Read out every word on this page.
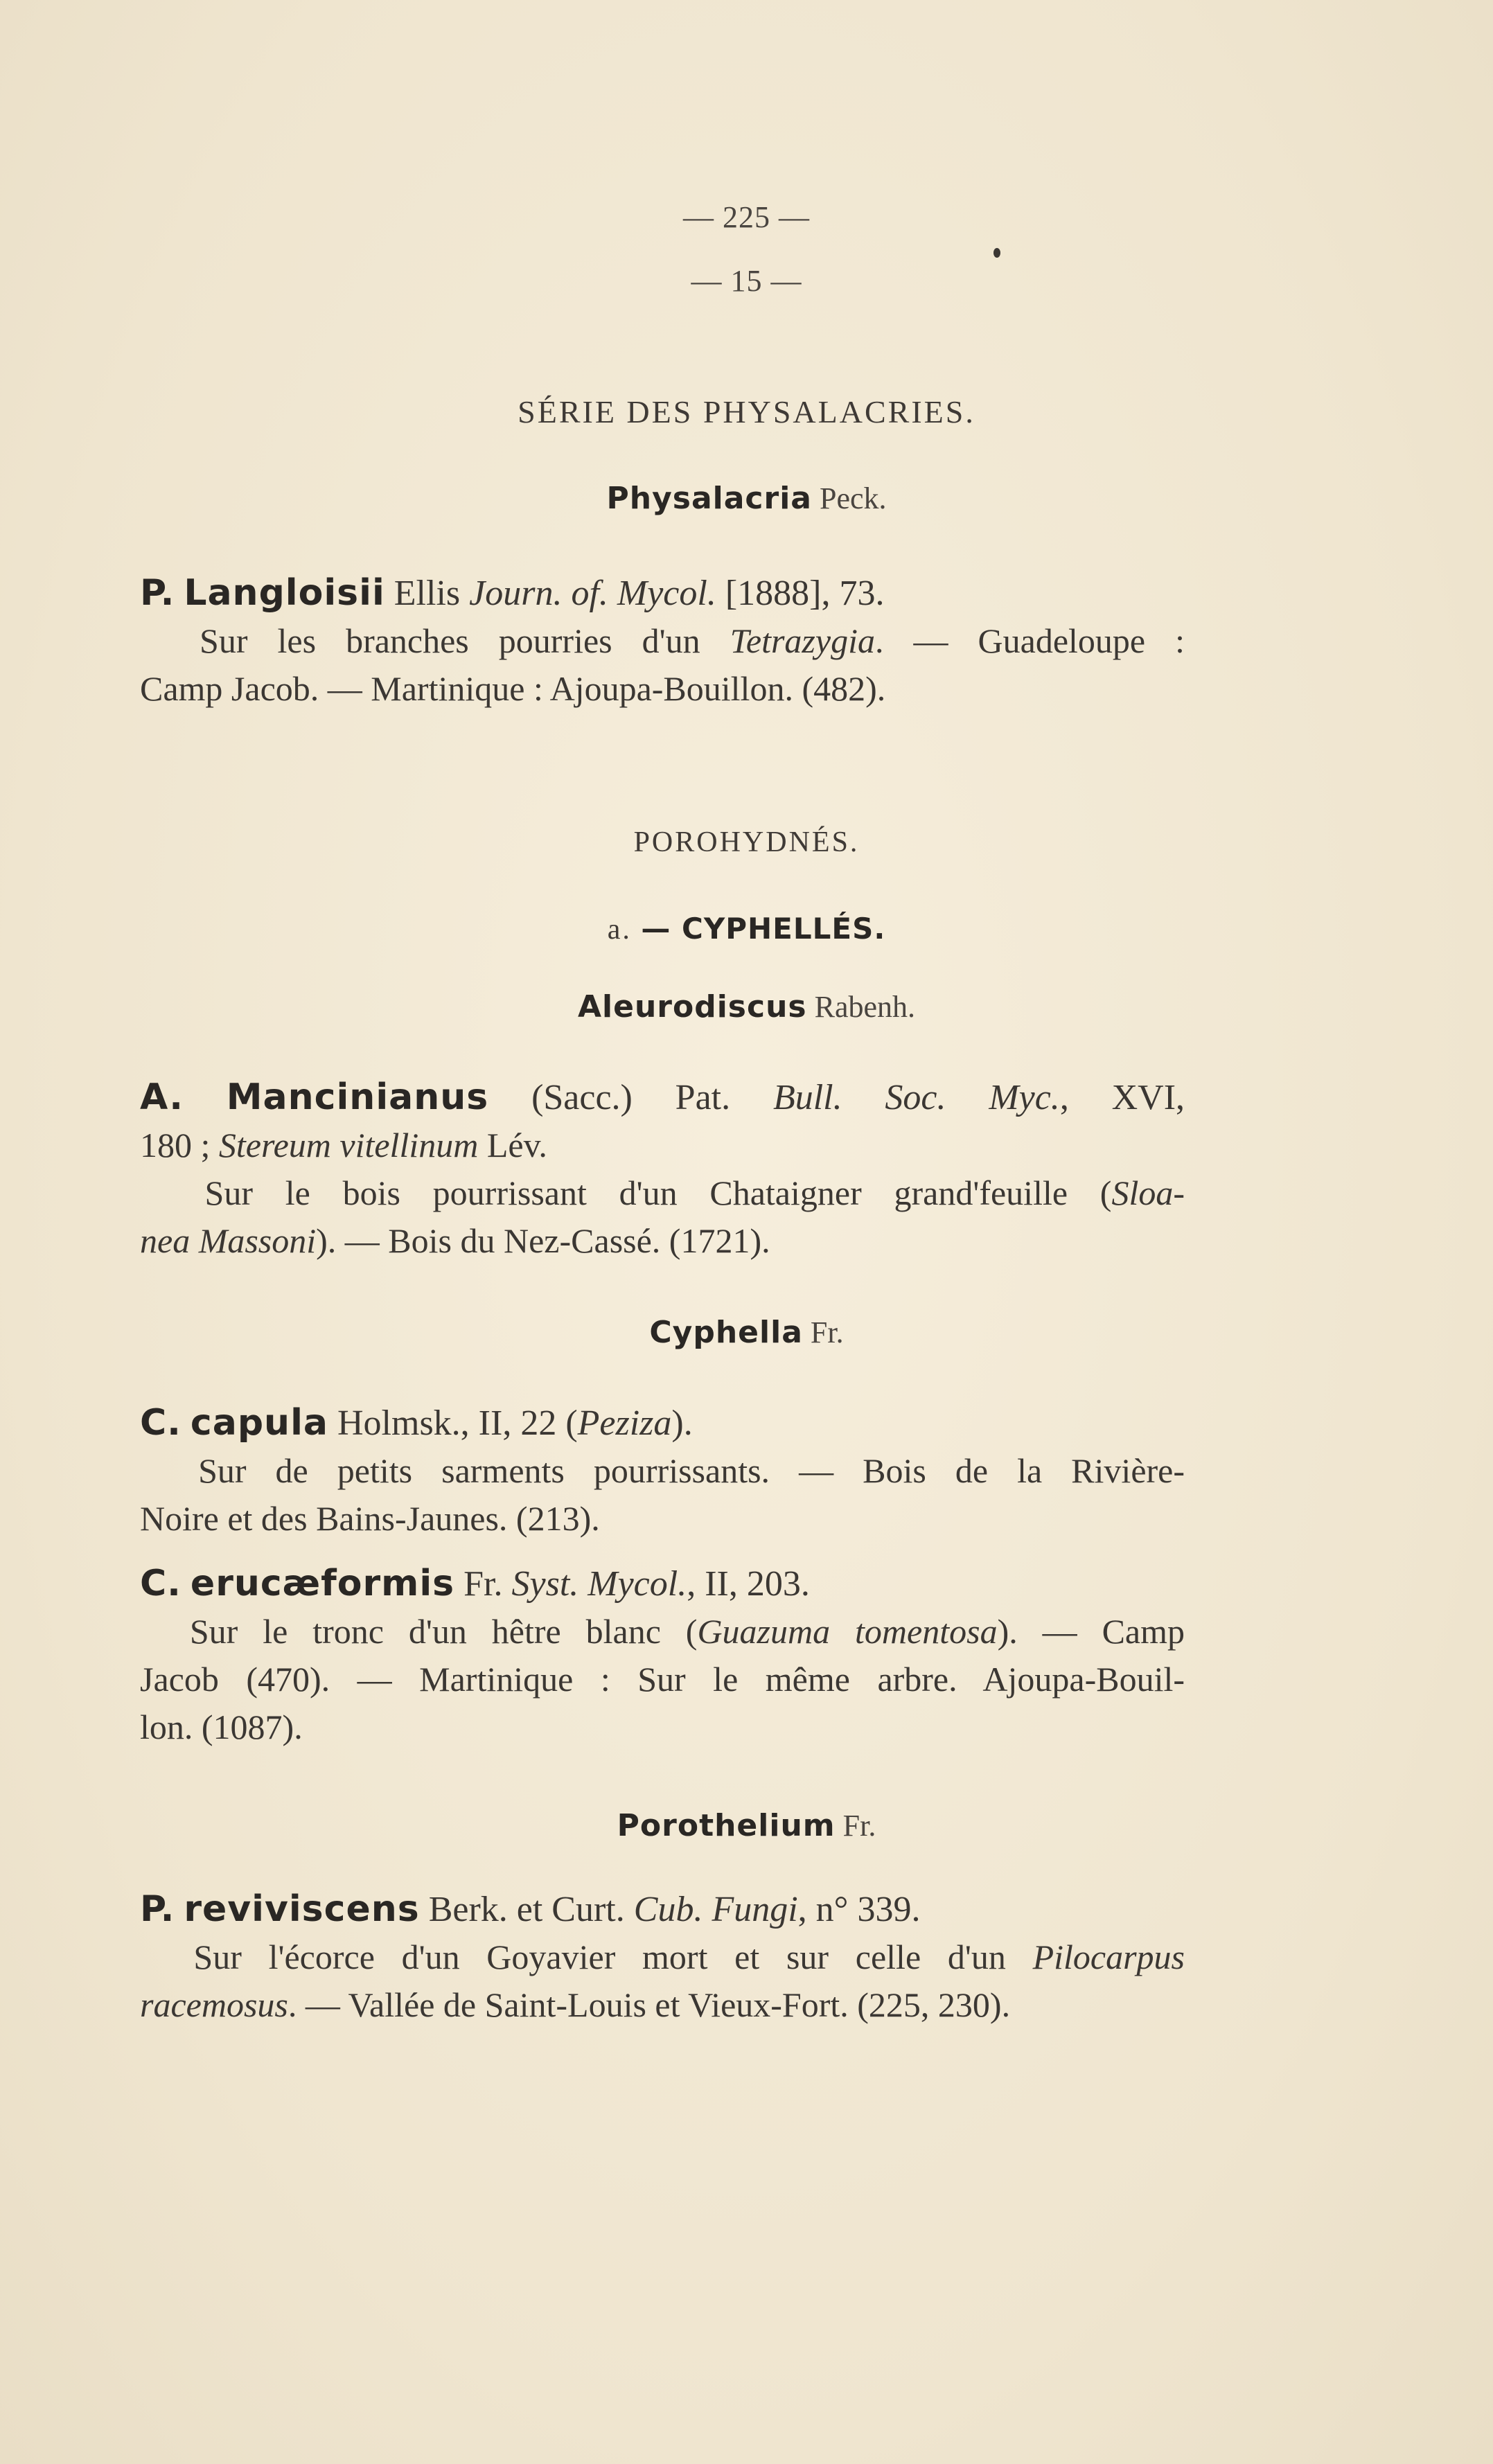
— 225 —
— 15 —
SÉRIE DES PHYSALACRIES.
Physalacria Peck.
P. Langloisii Ellis Journ. of. Mycol. [1888], 73.
Sur les branches pourries d'un Tetrazygia. — Guadeloupe :
Camp Jacob. — Martinique : Ajoupa-Bouillon. (482).
POROHYDNÉS.
a. — CYPHELLÉS.
Aleurodiscus Rabenh.
A. Mancinianus (Sacc.) Pat. Bull. Soc. Myc., XVI,
180 ; Stereum vitellinum Lév.
Sur le bois pourrissant d'un Chataigner grand'feuille (Sloa-
nea Massoni). — Bois du Nez-Cassé. (1721).
Cyphella Fr.
C. capula Holmsk., II, 22 (Peziza).
Sur de petits sarments pourrissants. — Bois de la Rivière-
Noire et des Bains-Jaunes. (213).
C. erucæformis Fr. Syst. Mycol., II, 203.
Sur le tronc d'un hêtre blanc (Guazuma tomentosa). — Camp
Jacob (470). — Martinique : Sur le même arbre. Ajoupa-Bouil-
lon. (1087).
Porothelium Fr.
P. reviviscens Berk. et Curt. Cub. Fungi, n° 339.
Sur l'écorce d'un Goyavier mort et sur celle d'un Pilocarpus
racemosus. — Vallée de Saint-Louis et Vieux-Fort. (225, 230).
